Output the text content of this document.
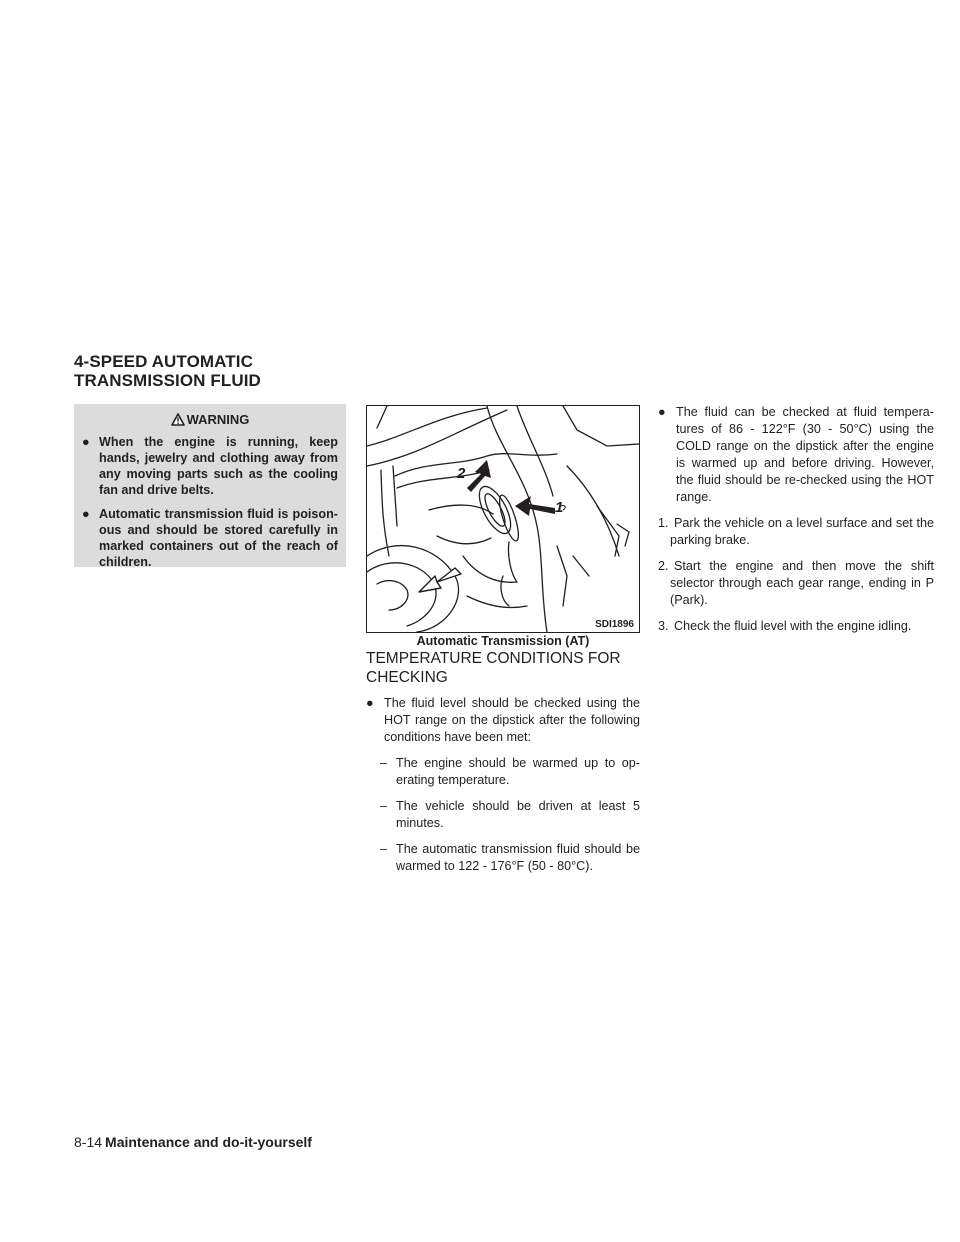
4-SPEED AUTOMATIC
TRANSMISSION FLUID
WARNING
● When the engine is running, keep hands, jewelry and clothing away from any moving parts such as the cooling fan and drive belts.
● Automatic transmission fluid is poison- ous and should be stored carefully in marked containers out of the reach of children.
1
2
SDI1896
Automatic Transmission (AT)
TEMPERATURE CONDITIONS FOR
CHECKING

● The fluid level should be checked using the HOT range on the dipstick after the following conditions have been met:

– The engine should be warmed up to op- erating temperature.

– The vehicle should be driven at least 5 minutes.

– The automatic transmission fluid should be warmed to 122 - 176°F (50 - 80°C).

● The fluid can be checked at fluid tempera- tures of 86 - 122°F (30 - 50°C) using the COLD range on the dipstick after the engine is warmed up and before driving. However, the fluid should be re-checked using the HOT range.

1. Park the vehicle on a level surface and set the parking brake.

2. Start the engine and then move the shift selector through each gear range, ending in P (Park).

3. Check the fluid level with the engine idling.

8-14 Maintenance and do-it-yourself
